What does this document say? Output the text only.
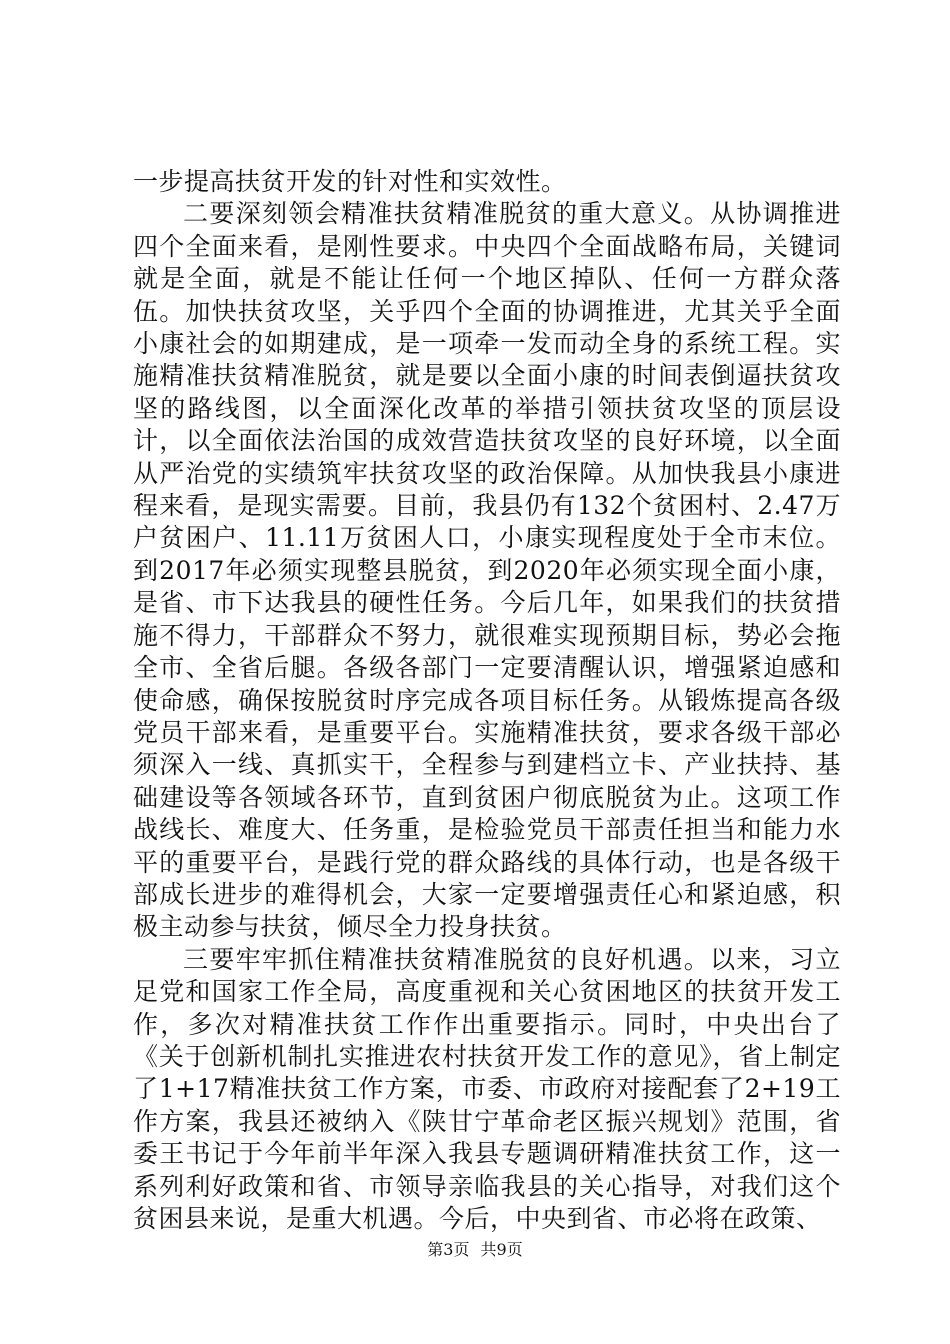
一步提高扶贫开发的针对性和实效性。

二要深刻领会精准扶贫精准脱贫的重大意义。从协调推进四个全面来看，是刚性要求。中央四个全面战略布局，关键词就是全面，就是不能让任何一个地区掉队、任何一方群众落伍。加快扶贫攻坚，关乎四个全面的协调推进，尤其关乎全面小康社会的如期建成，是一项牵一发而动全身的系统工程。实施精准扶贫精准脱贫，就是要以全面小康的时间表倒逼扶贫攻坚的路线图，以全面深化改革的举措引领扶贫攻坚的顶层设计，以全面依法治国的成效营造扶贫攻坚的良好环境，以全面从严治党的实绩筑牢扶贫攻坚的政治保障。从加快我县小康进程来看，是现实需要。目前，我县仍有132个贫困村、2.47万户贫困户、11.11万贫困人口，小康实现程度处于全市末位。到2017年必须实现整县脱贫，到2020年必须实现全面小康，是省、市下达我县的硬性任务。今后几年，如果我们的扶贫措施不得力，干部群众不努力，就很难实现预期目标，势必会拖全市、全省后腿。各级各部门一定要清醒认识，增强紧迫感和使命感，确保按脱贫时序完成各项目标任务。从锻炼提高各级党员干部来看，是重要平台。实施精准扶贫，要求各级干部必须深入一线、真抓实干，全程参与到建档立卡、产业扶持、基础建设等各领域各环节，直到贫困户彻底脱贫为止。这项工作战线长、难度大、任务重，是检验党员干部责任担当和能力水平的重要平台，是践行党的群众路线的具体行动，也是各级干部成长进步的难得机会，大家一定要增强责任心和紧迫感，积极主动参与扶贫，倾尽全力投身扶贫。

三要牢牢抓住精准扶贫精准脱贫的良好机遇。以来，习立足党和国家工作全局，高度重视和关心贫困地区的扶贫开发工作，多次对精准扶贫工作作出重要指示。同时，中央出台了《关于创新机制扎实推进农村扶贫开发工作的意见》，省上制定了1+17精准扶贫工作方案，市委、市政府对接配套了2+19工作方案，我县还被纳入《陕甘宁革命老区振兴规划》范围，省委王书记于今年前半年深入我县专题调研精准扶贫工作，这一系列利好政策和省、市领导亲临我县的关心指导，对我们这个贫困县来说，是重大机遇。今后，中央到省、市必将在政策、

第3页 共9页
